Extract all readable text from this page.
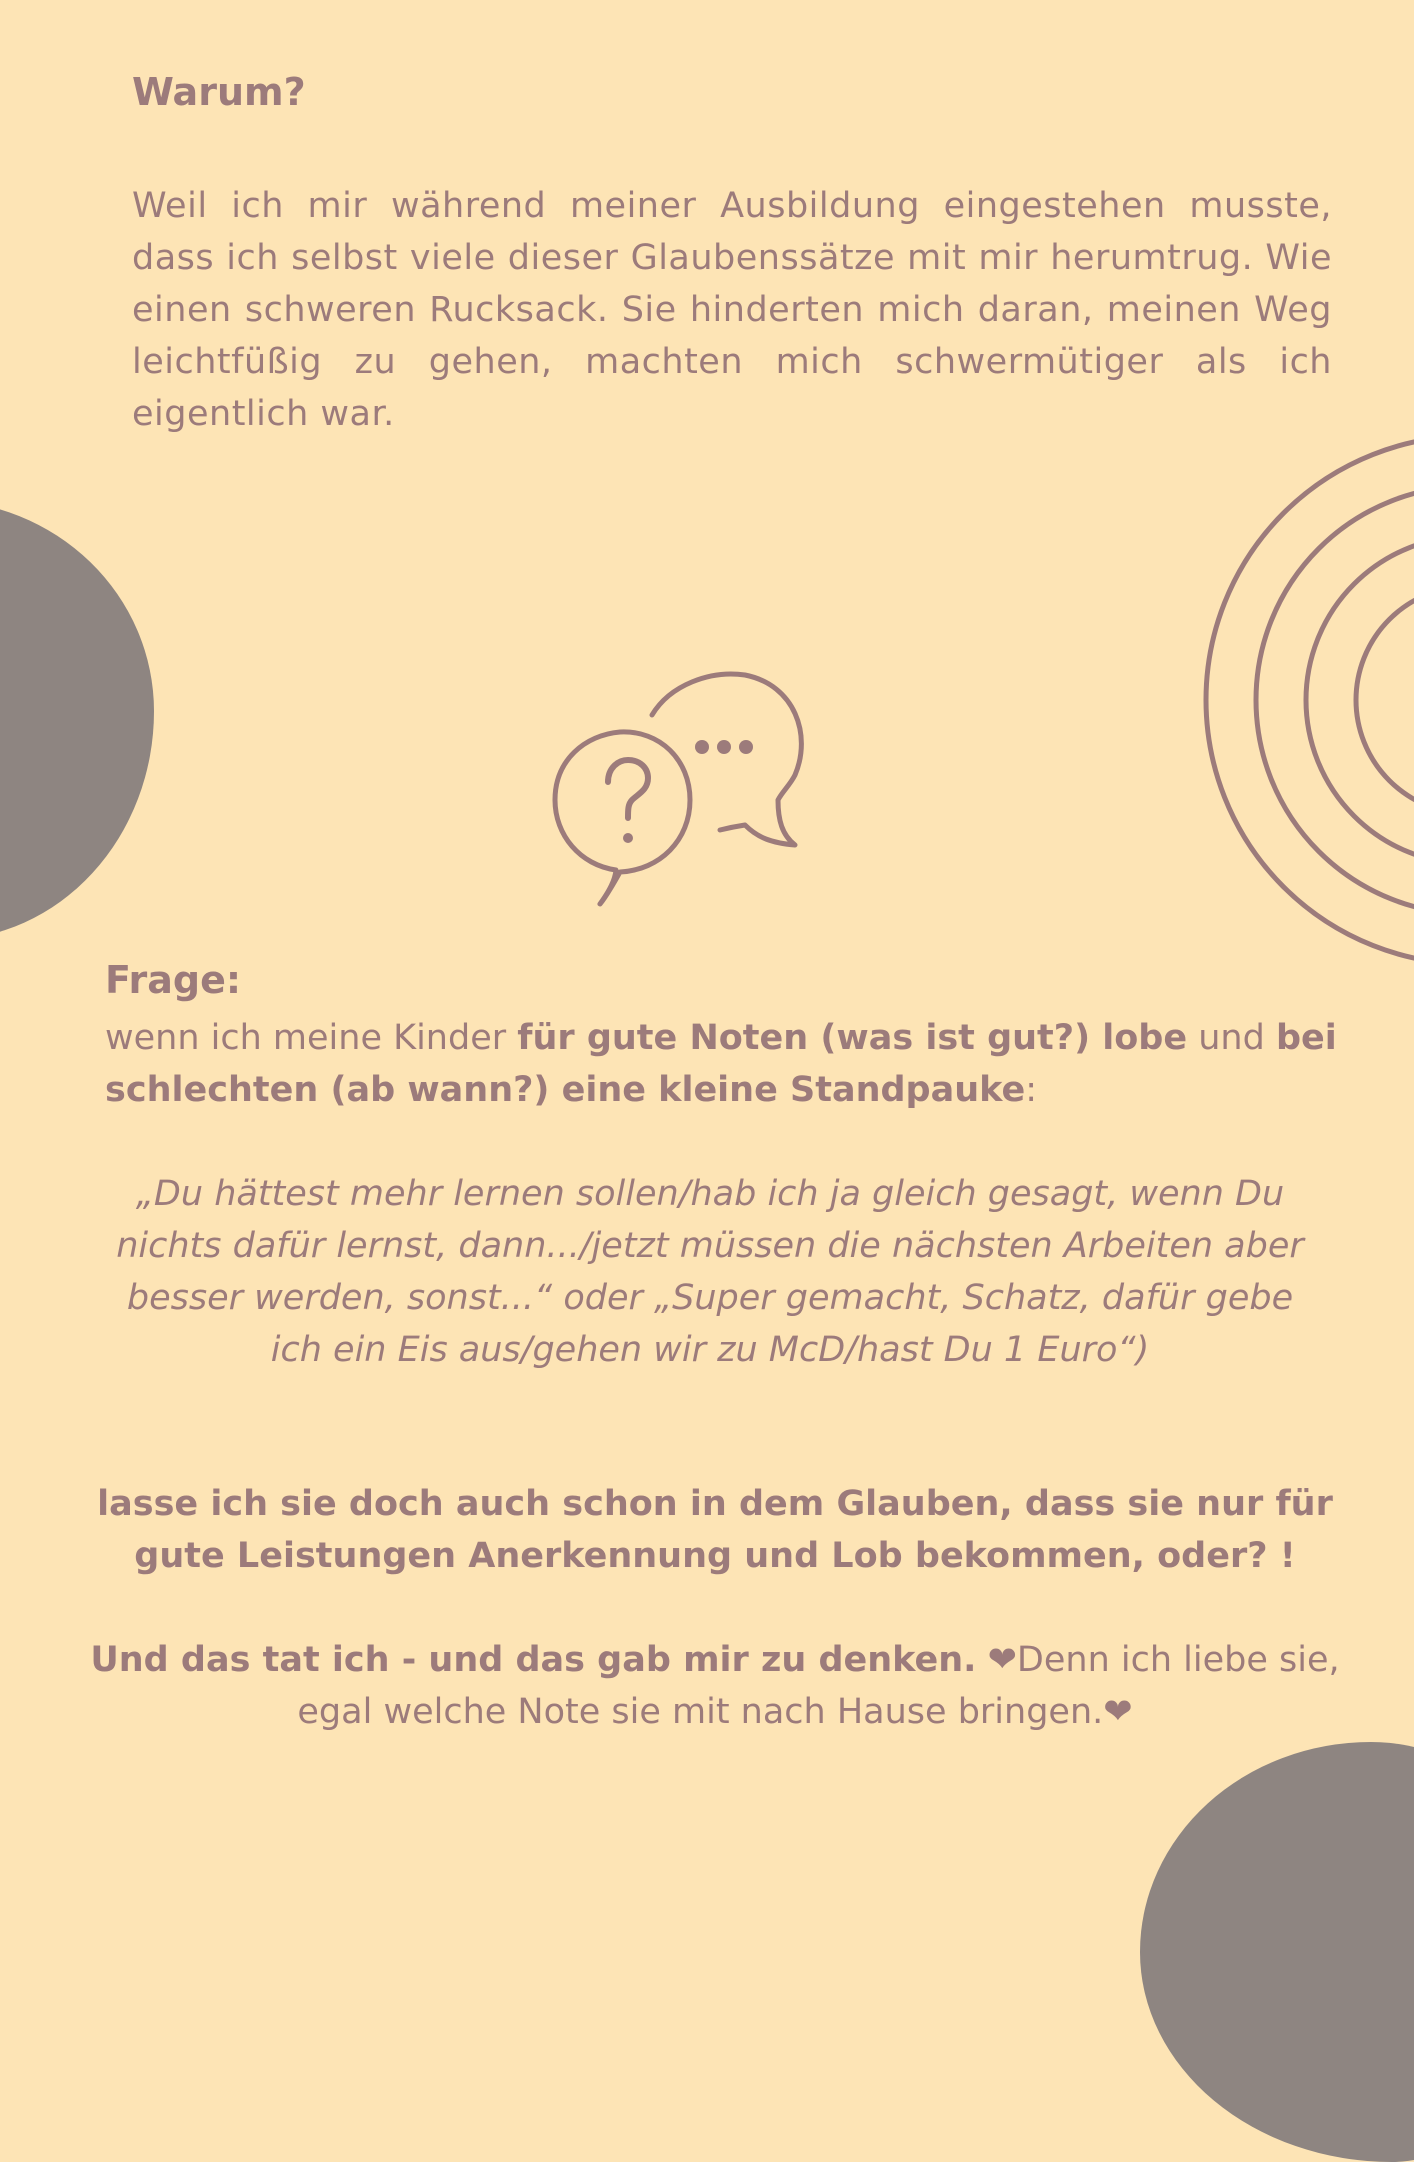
Warum?

Weil ich mir während meiner Ausbildung eingestehen musste, dass ich selbst viele dieser Glaubenssätze mit mir herumtrug. Wie einen schweren Rucksack. Sie hinderten mich daran, meinen Weg leichtfüßig zu gehen, machten mich schwermütiger als ich eigentlich war.

Frage:

wenn ich meine Kinder für gute Noten (was ist gut?) lobe und bei schlechten (ab wann?) eine kleine Standpauke:

„Du hättest mehr lernen sollen/hab ich ja gleich gesagt, wenn Du nichts dafür lernst, dann.../jetzt müssen die nächsten Arbeiten aber besser werden, sonst...“ oder „Super gemacht, Schatz, dafür gebe ich ein Eis aus/gehen wir zu McD/hast Du 1 Euro“)

lasse ich sie doch auch schon in dem Glauben, dass sie nur für gute Leistungen Anerkennung und Lob bekommen, oder? !

Und das tat ich - und das gab mir zu denken. ❤Denn ich liebe sie, egal welche Note sie mit nach Hause bringen.❤
